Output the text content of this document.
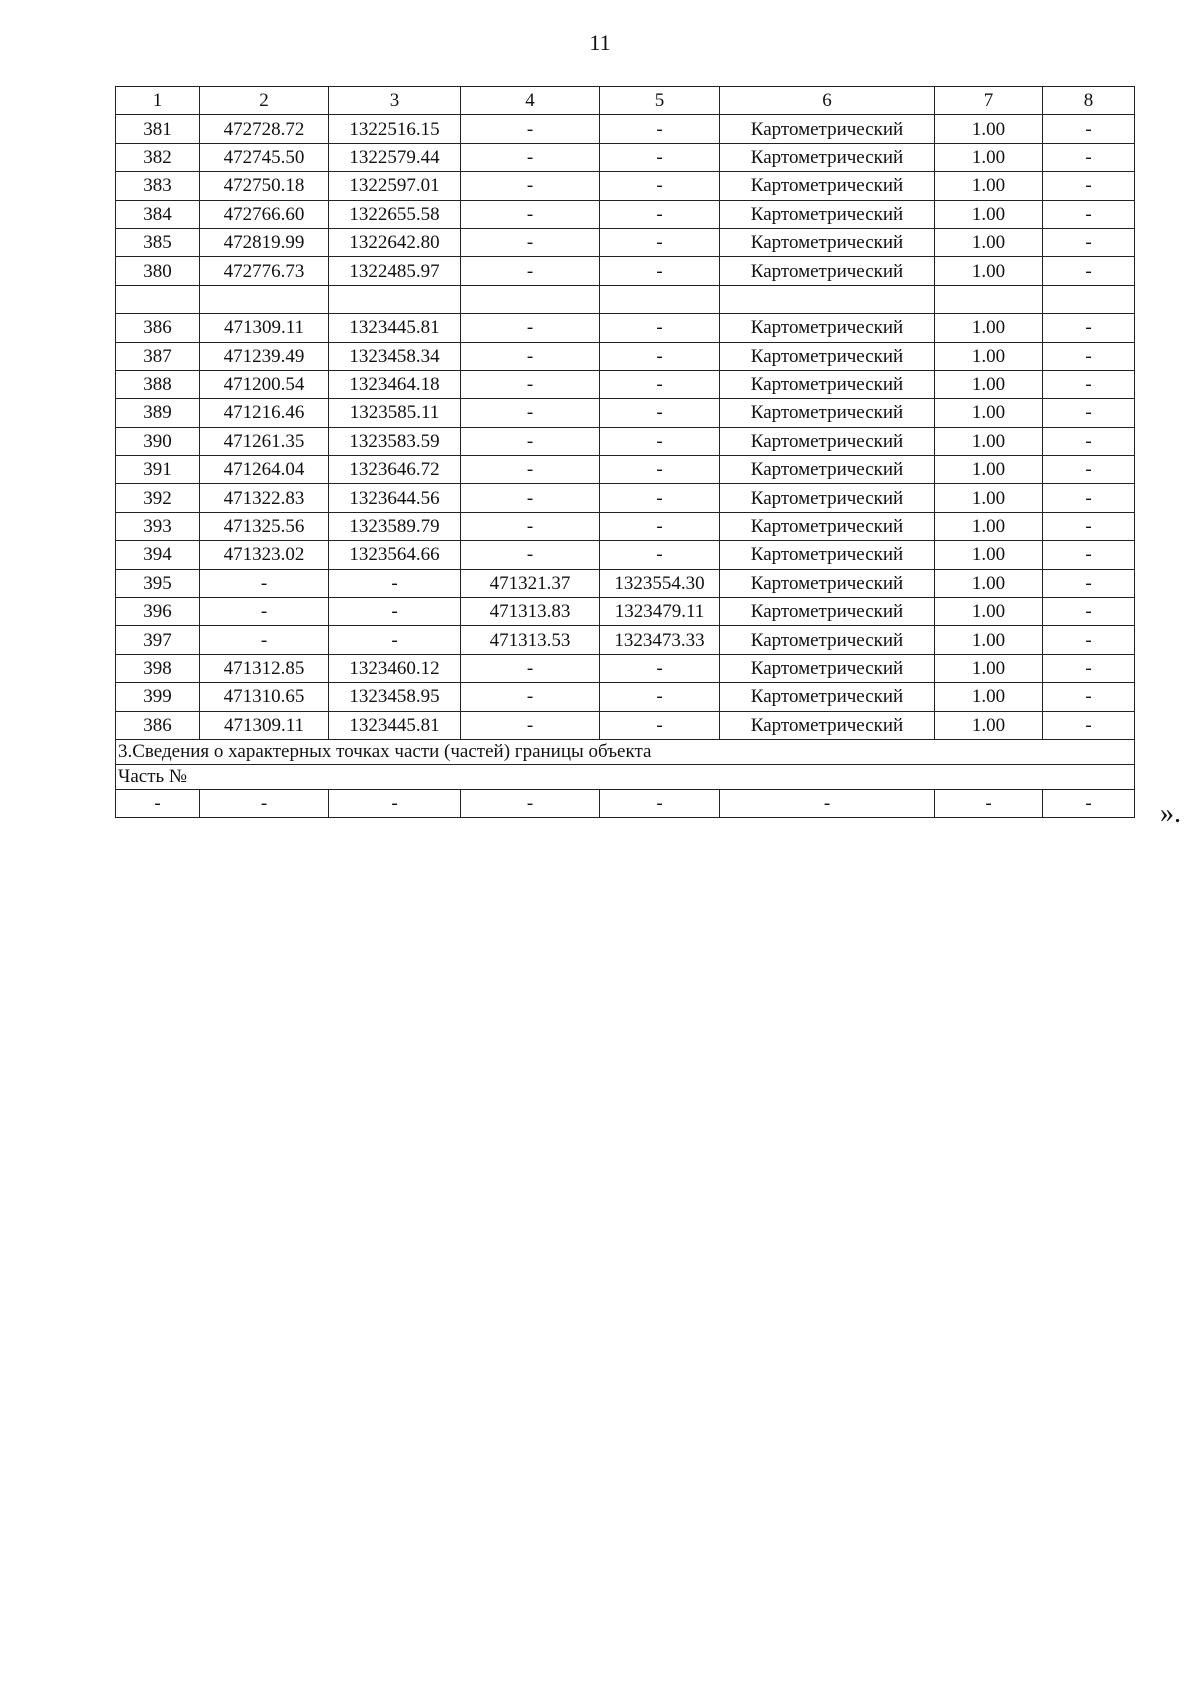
11
1	2	3	4	5	6	7	8
381	472728.72	1322516.15	-	-	Картометрический	1.00	-
382	472745.50	1322579.44	-	-	Картометрический	1.00	-
383	472750.18	1322597.01	-	-	Картометрический	1.00	-
384	472766.60	1322655.58	-	-	Картометрический	1.00	-
385	472819.99	1322642.80	-	-	Картометрический	1.00	-
380	472776.73	1322485.97	-	-	Картометрический	1.00	-

386	471309.11	1323445.81	-	-	Картометрический	1.00	-
387	471239.49	1323458.34	-	-	Картометрический	1.00	-
388	471200.54	1323464.18	-	-	Картометрический	1.00	-
389	471216.46	1323585.11	-	-	Картометрический	1.00	-
390	471261.35	1323583.59	-	-	Картометрический	1.00	-
391	471264.04	1323646.72	-	-	Картометрический	1.00	-
392	471322.83	1323644.56	-	-	Картометрический	1.00	-
393	471325.56	1323589.79	-	-	Картометрический	1.00	-
394	471323.02	1323564.66	-	-	Картометрический	1.00	-
395	-	-	471321.37	1323554.30	Картометрический	1.00	-
396	-	-	471313.83	1323479.11	Картометрический	1.00	-
397	-	-	471313.53	1323473.33	Картометрический	1.00	-
398	471312.85	1323460.12	-	-	Картометрический	1.00	-
399	471310.65	1323458.95	-	-	Картометрический	1.00	-
386	471309.11	1323445.81	-	-	Картометрический	1.00	-
3.Сведения о характерных точках части (частей) границы объекта							
Часть №							
-	-	-	-	-	-	-	- ».
